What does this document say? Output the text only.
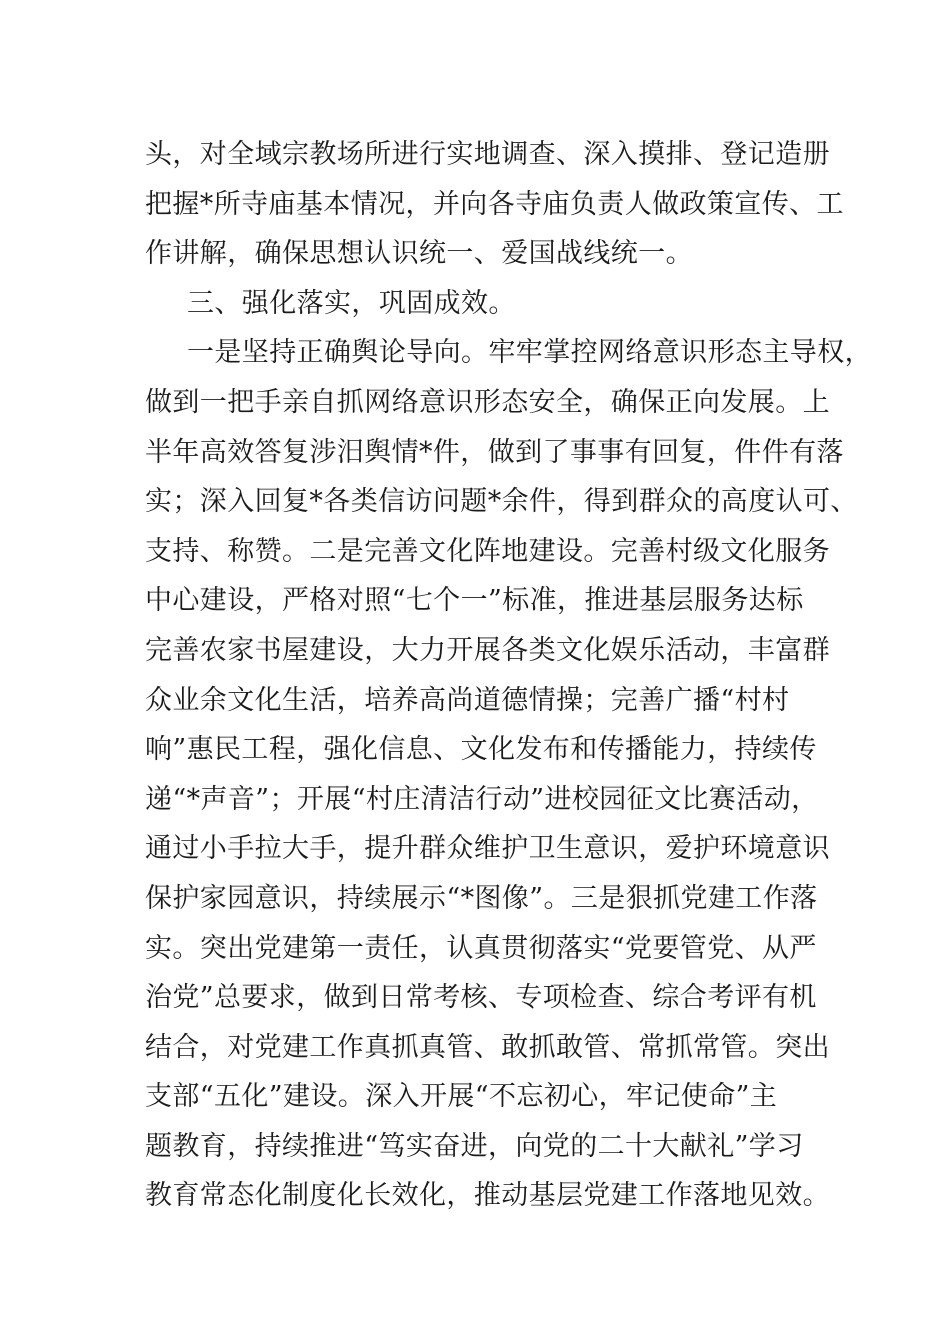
头，对全域宗教场所进行实地调查、深入摸排、登记造册
把握*所寺庙基本情况，并向各寺庙负责人做政策宣传、工
作讲解，确保思想认识统一、爱国战线统一。
三、强化落实，巩固成效。
一是坚持正确舆论导向。牢牢掌控网络意识形态主导权，
做到一把手亲自抓网络意识形态安全，确保正向发展。上
半年高效答复涉汨舆情*件，做到了事事有回复，件件有落
实；深入回复*各类信访问题*余件，得到群众的高度认可、
支持、称赞。二是完善文化阵地建设。完善村级文化服务
中心建设，严格对照“七个一”标准，推进基层服务达标
完善农家书屋建设，大力开展各类文化娱乐活动，丰富群
众业余文化生活，培养高尚道德情操；完善广播“村村
响”惠民工程，强化信息、文化发布和传播能力，持续传
递“*声音”；开展“村庄清洁行动”进校园征文比赛活动，
通过小手拉大手，提升群众维护卫生意识，爱护环境意识
保护家园意识，持续展示“*图像”。三是狠抓党建工作落
实。突出党建第一责任，认真贯彻落实“党要管党、从严
治党”总要求，做到日常考核、专项检查、综合考评有机
结合，对党建工作真抓真管、敢抓敢管、常抓常管。突出
支部“五化”建设。深入开展“不忘初心，牢记使命”主
题教育，持续推进“笃实奋进，向党的二十大献礼”学习
教育常态化制度化长效化，推动基层党建工作落地见效。
